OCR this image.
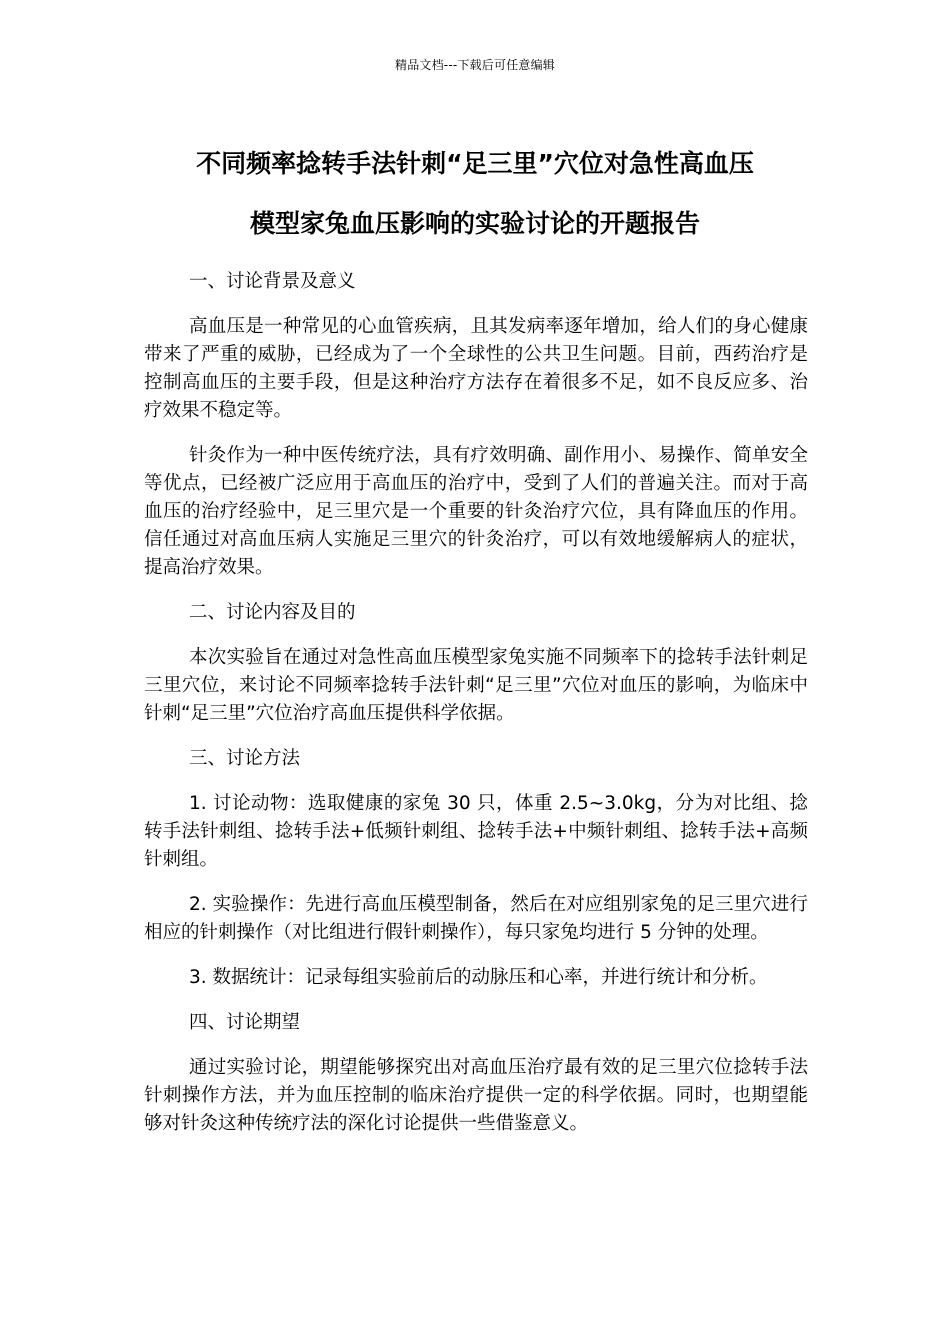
精品文档---下载后可任意编辑
不同频率捻转手法针刺“足三里”穴位对急性高血压
模型家兔血压影响的实验讨论的开题报告

一、讨论背景及意义

高血压是一种常见的心血管疾病，且其发病率逐年增加，给人们的身心健康带来了严重的威胁，已经成为了一个全球性的公共卫生问题。目前，西药治疗是控制高血压的主要手段，但是这种治疗方法存在着很多不足，如不良反应多、治疗效果不稳定等。

针灸作为一种中医传统疗法，具有疗效明确、副作用小、易操作、简单安全等优点，已经被广泛应用于高血压的治疗中，受到了人们的普遍关注。而对于高血压的治疗经验中，足三里穴是一个重要的针灸治疗穴位，具有降血压的作用。信任通过对高血压病人实施足三里穴的针灸治疗，可以有效地缓解病人的症状，提高治疗效果。

二、讨论内容及目的

本次实验旨在通过对急性高血压模型家兔实施不同频率下的捻转手法针刺足三里穴位，来讨论不同频率捻转手法针刺“足三里”穴位对血压的影响，为临床中针刺“足三里”穴位治疗高血压提供科学依据。

三、讨论方法

1. 讨论动物：选取健康的家兔 30 只，体重 2.5~3.0kg，分为对比组、捻转手法针刺组、捻转手法+低频针刺组、捻转手法+中频针刺组、捻转手法+高频针刺组。

2. 实验操作：先进行高血压模型制备，然后在对应组别家兔的足三里穴进行相应的针刺操作（对比组进行假针刺操作），每只家兔均进行 5 分钟的处理。

3. 数据统计：记录每组实验前后的动脉压和心率，并进行统计和分析。

四、讨论期望

通过实验讨论，期望能够探究出对高血压治疗最有效的足三里穴位捻转手法针刺操作方法，并为血压控制的临床治疗提供一定的科学依据。同时，也期望能够对针灸这种传统疗法的深化讨论提供一些借鉴意义。
